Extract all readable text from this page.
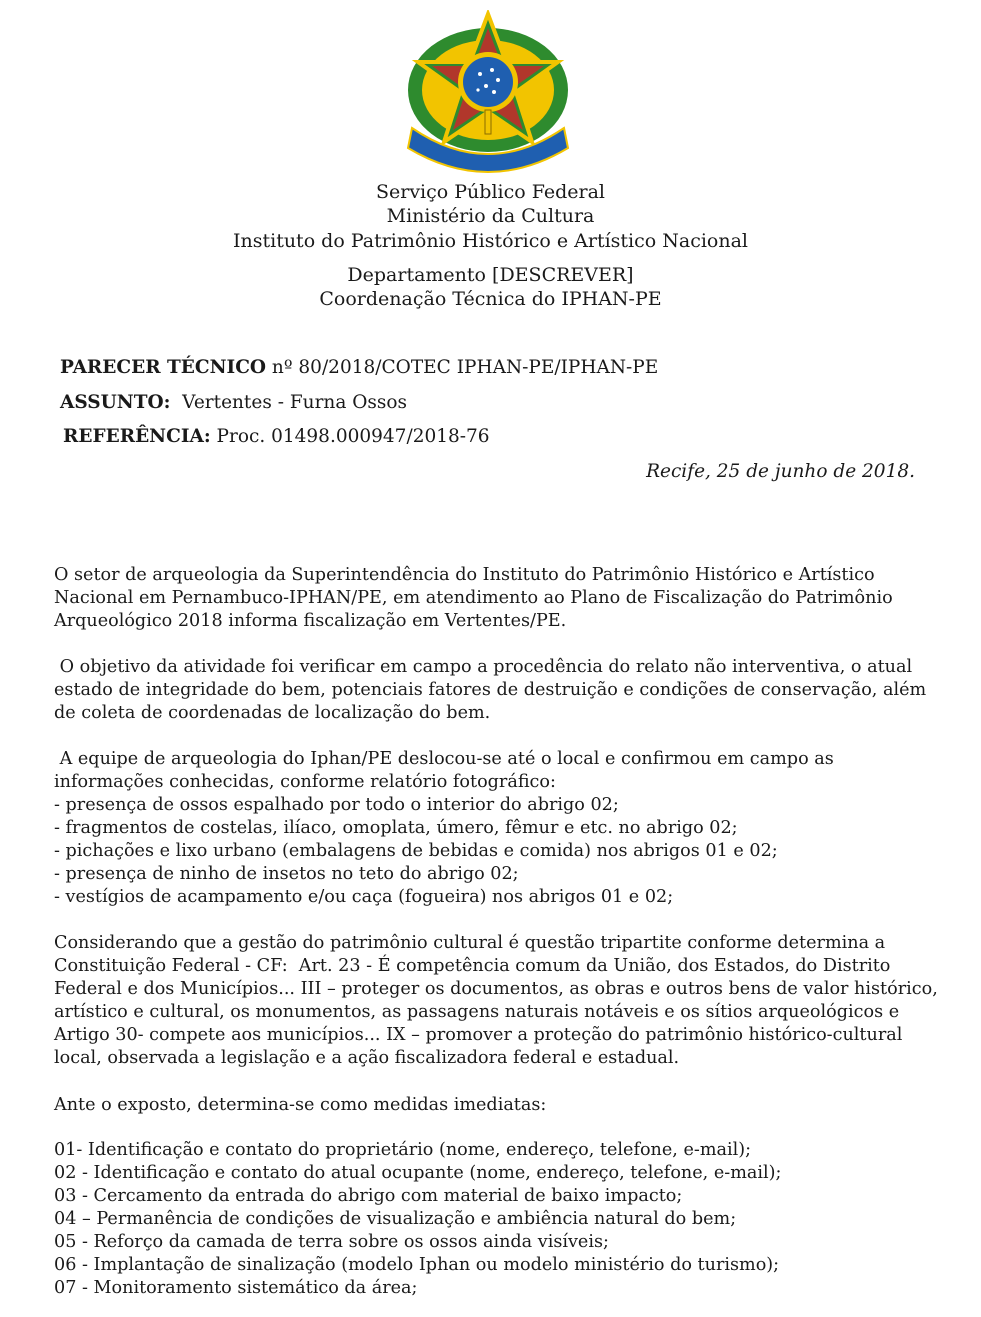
Serviço Público Federal
Ministério da Cultura
Instituto do Patrimônio Histórico e Artístico Nacional
Departamento [DESCREVER]
Coordenação Técnica do IPHAN-PE
PARECER TÉCNICO nº 80/2018/COTEC IPHAN-PE/IPHAN-PE
ASSUNTO:  Vertentes - Furna Ossos
REFERÊNCIA: Proc. 01498.000947/2018-76
Recife, 25 de junho de 2018.
O setor de arqueologia da Superintendência do Instituto do Patrimônio Histórico e Artístico
Nacional em Pernambuco-IPHAN/PE, em atendimento ao Plano de Fiscalização do Patrimônio
Arqueológico 2018 informa fiscalização em Vertentes/PE.
O objetivo da atividade foi verificar em campo a procedência do relato não interventiva, o atual
estado de integridade do bem, potenciais fatores de destruição e condições de conservação, além
de coleta de coordenadas de localização do bem.
A equipe de arqueologia do Iphan/PE deslocou-se até o local e confirmou em campo as
informações conhecidas, conforme relatório fotográfico:
- presença de ossos espalhado por todo o interior do abrigo 02;
- fragmentos de costelas, ilíaco, omoplata, úmero, fêmur e etc. no abrigo 02;
- pichações e lixo urbano (embalagens de bebidas e comida) nos abrigos 01 e 02;
- presença de ninho de insetos no teto do abrigo 02;
- vestígios de acampamento e/ou caça (fogueira) nos abrigos 01 e 02;
Considerando que a gestão do patrimônio cultural é questão tripartite conforme determina a
Constituição Federal - CF:  Art. 23 - É competência comum da União, dos Estados, do Distrito
Federal e dos Municípios... III – proteger os documentos, as obras e outros bens de valor histórico,
artístico e cultural, os monumentos, as passagens naturais notáveis e os sítios arqueológicos e
Artigo 30- compete aos municípios... IX – promover a proteção do patrimônio histórico-cultural
local, observada a legislação e a ação fiscalizadora federal e estadual.
Ante o exposto, determina-se como medidas imediatas:
01- Identificação e contato do proprietário (nome, endereço, telefone, e-mail);
02 - Identificação e contato do atual ocupante (nome, endereço, telefone, e-mail);
03 - Cercamento da entrada do abrigo com material de baixo impacto;
04 – Permanência de condições de visualização e ambiência natural do bem;
05 - Reforço da camada de terra sobre os ossos ainda visíveis;
06 - Implantação de sinalização (modelo Iphan ou modelo ministério do turismo);
07 - Monitoramento sistemático da área;
